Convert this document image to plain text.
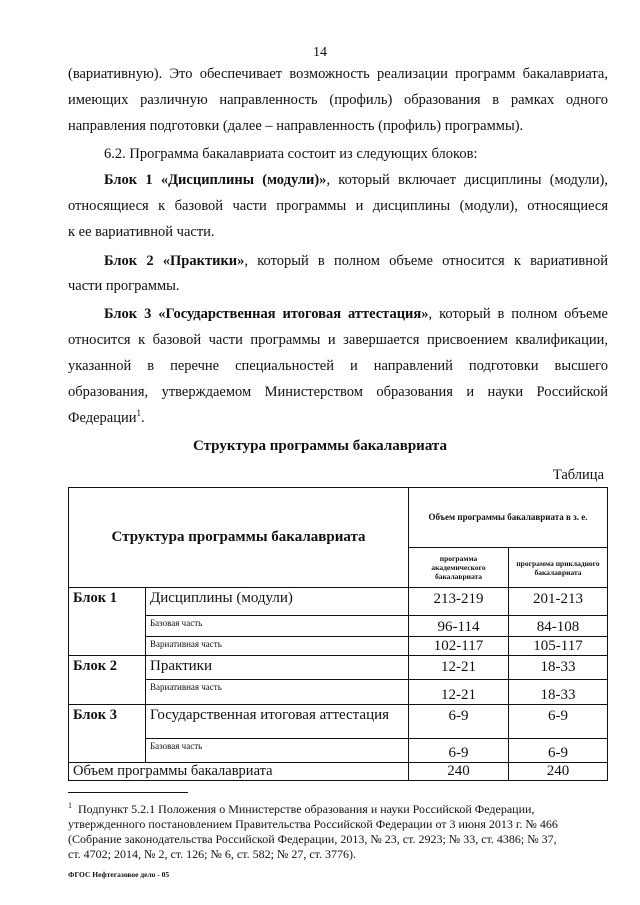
14
(вариативную). Это обеспечивает возможность реализации программ бакалавриата,
имеющих различную направленность (профиль) образования в рамках одного
направления подготовки (далее – направленность (профиль) программы).
6.2. Программа бакалавриата состоит из следующих блоков:
Блок 1 «Дисциплины (модули)», который включает дисциплины (модули),
относящиеся к базовой части программы и дисциплины (модули), относящиеся
к ее вариативной части.
Блок 2 «Практики», который в полном объеме относится к вариативной
части программы.
Блок 3 «Государственная итоговая аттестация», который в полном объеме
относится к базовой части программы и завершается присвоением квалификации,
указанной в перечне специальностей и направлений подготовки высшего
образования, утверждаемом Министерством образования и науки Российской
Федерации$^1$.
Структура программы бакалавриата
Таблица
Структура программы бакалавриата		Объем программы бакалавриата в з. е.	
		программа академического бакалавриата	программа прикладного бакалавриата
Блок 1	Дисциплины (модули)	213-219	201-213
	Базовая часть	96-114	84-108
	Вариативная часть	102-117	105-117
Блок 2	Практики	12-21	18-33
	Вариативная часть	12-21	18-33
Блок 3	Государственная итоговая аттестация	6-9	6-9
	Базовая часть	6-9	6-9
Объем программы бакалавриата		240	240
$^1$ Подпункт 5.2.1 Положения о Министерстве образования и науки Российской Федерации,
утвержденного постановлением Правительства Российской Федерации от 3 июня 2013 г. № 466
(Собрание законодательства Российской Федерации, 2013, № 23, ст. 2923; № 33, ст. 4386; № 37,
ст. 4702; 2014, № 2, ст. 126; № 6, ст. 582; № 27, ст. 3776).
ФГОС Нефтегазовое дело - 05
